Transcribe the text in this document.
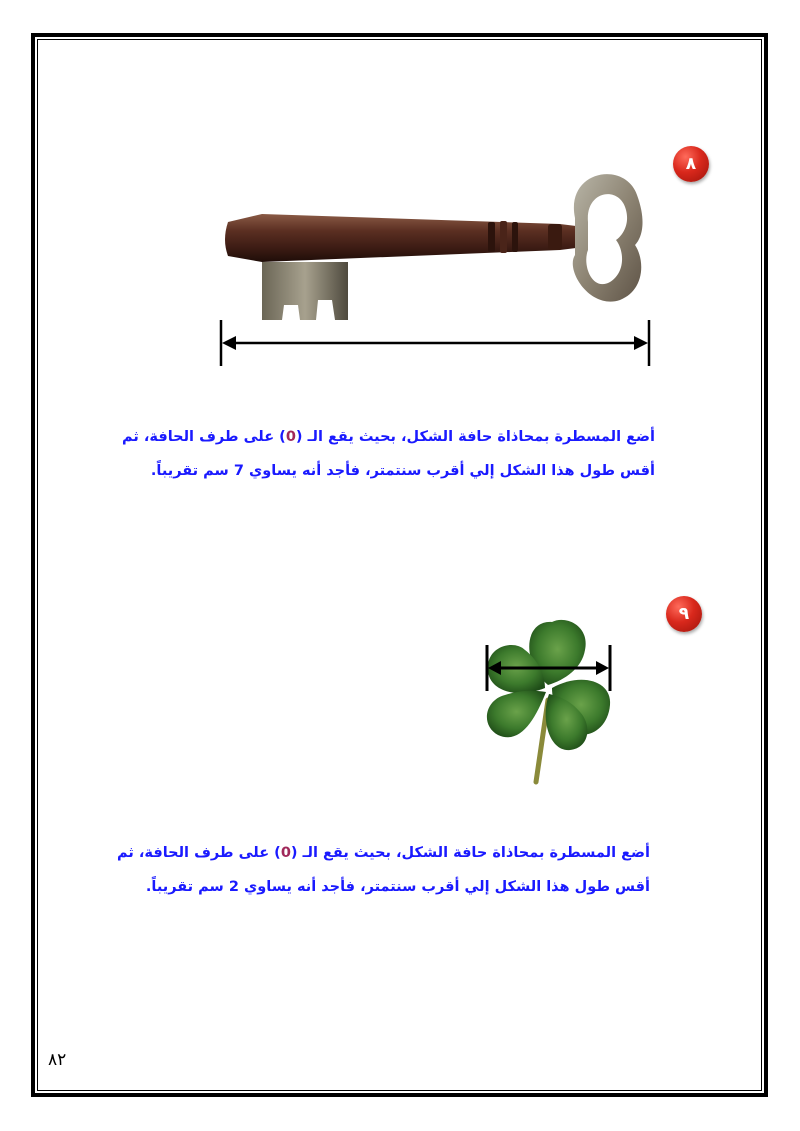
٨
أضع المسطرة بمحاذاة حافة الشكل، بحيث يقع الـ (0) على طرف الحافة، ثم
أقس طول هذا الشكل إلي أقرب سنتمتر، فأجد أنه يساوي 7 سم تقريباً.
٩
أضع المسطرة بمحاذاة حافة الشكل، بحيث يقع الـ (0) على طرف الحافة، ثم
أقس طول هذا الشكل إلي أقرب سنتمتر، فأجد أنه يساوي 2 سم تقريباً.
٨٢
